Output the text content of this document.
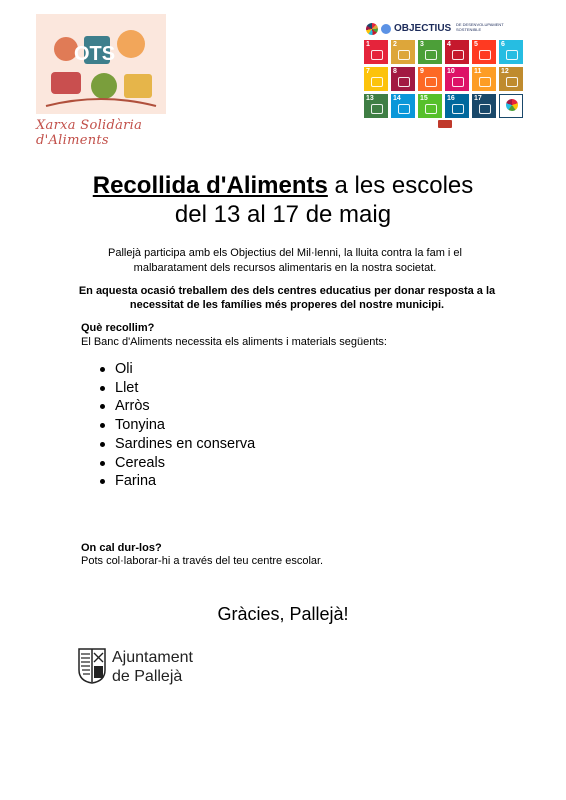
OTS
Xarxa Solidària d'Aliments
OBJECTIUS DE DESENVOLUPAMENT SOSTENIBLE
1	2	3	4	5	6
7	8	9	10	11	12
13	14	15	16	17
Recollida d'Aliments a les escoles
del 13 al 17 de maig
Pallejà participa amb els Objectius del Mil·lenni, la lluita contra la fam i el malbaratament dels recursos alimentaris en la nostra societat.
En aquesta ocasió treballem des dels centres educatius per donar resposta a la necessitat de les famílies més properes del nostre municipi.
Què recollim?
El Banc d'Aliments necessita els aliments i materials següents:
Oli
Llet
Arròs
Tonyina
Sardines en conserva
Cereals
Farina
On cal dur-los?
Pots col·laborar-hi a través del teu centre escolar.
Gràcies, Pallejà!
Ajuntament
de Pallejà
